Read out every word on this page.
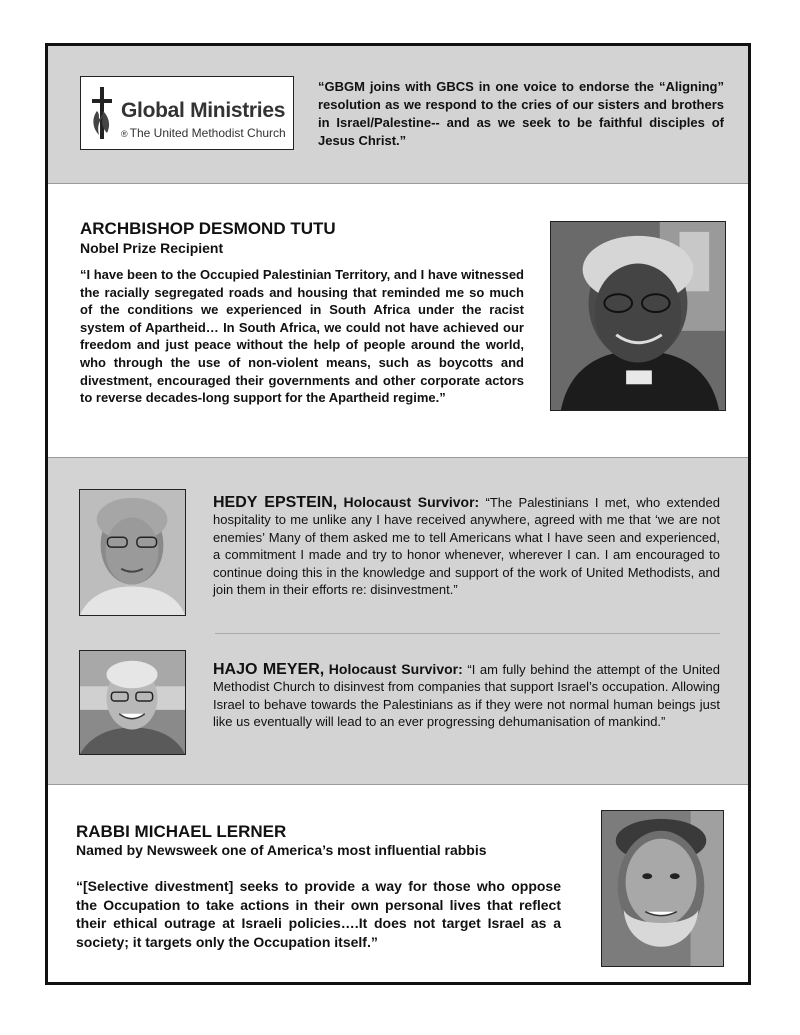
Global Ministries
® The United Methodist Church
“GBGM joins with GBCS in one voice to endorse the “Aligning” resolution as we respond to the cries of our sisters and brothers in Israel/Palestine-- and as we seek to be faithful disciples of Jesus Christ.”
ARCHBISHOP DESMOND TUTU
Nobel Prize Recipient
“I have been to the Occupied Palestinian Territory, and I have witnessed the racially segregated roads and housing that reminded me so much of the conditions we experienced in South Africa under the racist system of Apartheid… In South Africa, we could not have achieved our freedom and just peace without the help of people around the world, who through the use of non-violent means, such as boycotts and divestment, encouraged their governments and other corporate actors to reverse decades-long support for the Apartheid regime.”
HEDY EPSTEIN, Holocaust Survivor: “The Palestinians I met, who extended hospitality to me unlike any I have received anywhere, agreed with me that ‘we are not enemies’ Many of them asked me to tell Americans what I have seen and experienced, a commitment I made and try to honor whenever, wherever I can. I am encouraged to continue doing this in the knowledge and support of the work of United Methodists, and join them in their efforts re: disinvestment.”
HAJO MEYER, Holocaust Survivor: “I am fully behind the attempt of the United Methodist Church to disinvest from companies that support Israel’s occupation. Allowing Israel to behave towards the Palestinians as if they were not normal human beings just like us eventually will lead to an ever progressing dehumanisation of mankind.”
RABBI MICHAEL LERNER
Named by Newsweek one of America’s most influential rabbis
“[Selective divestment] seeks to provide a way for those who oppose the Occupation to take actions in their own personal lives that reflect their ethical outrage at Israeli policies….It does not target Israel as a society; it targets only the Occupation itself.”
